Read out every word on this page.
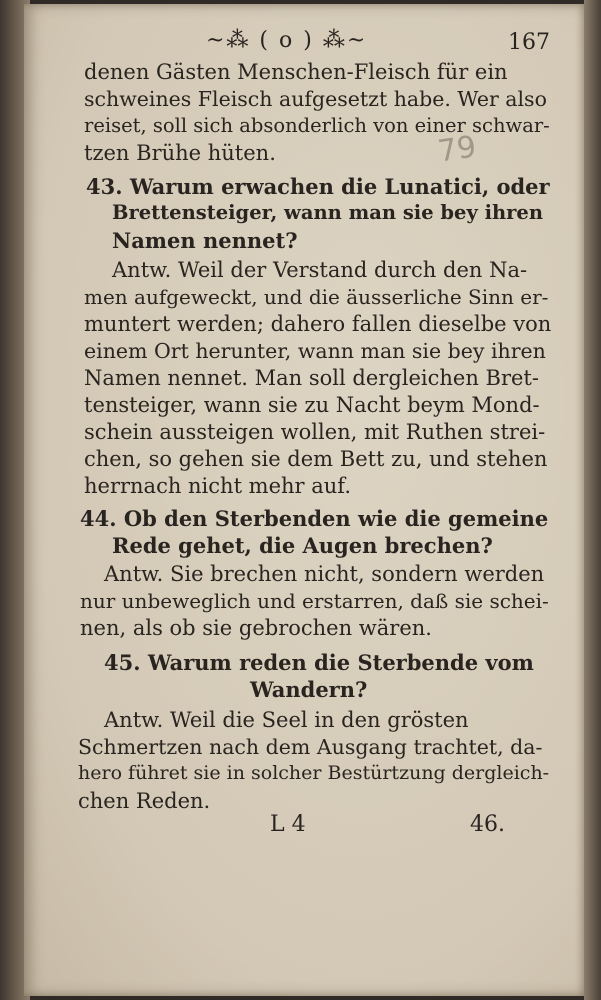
~⁂ ( o ) ⁂~	167
79
denen Gästen Menschen-Fleisch für ein
schweines Fleisch aufgesetzt habe. Wer also
reiset, soll sich absonderlich von einer schwar-
tzen Brühe hüten.
43. Warum erwachen die Lunatici, oder
Brettensteiger, wann man sie bey ihren
Namen nennet?
Antw. Weil der Verstand durch den Na-
men aufgeweckt, und die äusserliche Sinn er-
muntert werden; dahero fallen dieselbe von
einem Ort herunter, wann man sie bey ihren
Namen nennet. Man soll dergleichen Bret-
tensteiger, wann sie zu Nacht beym Mond-
schein aussteigen wollen, mit Ruthen strei-
chen, so gehen sie dem Bett zu, und stehen
herrnach nicht mehr auf.
44. Ob den Sterbenden wie die gemeine
Rede gehet, die Augen brechen?
Antw. Sie brechen nicht, sondern werden
nur unbeweglich und erstarren, daß sie schei-
nen, als ob sie gebrochen wären.
45. Warum reden die Sterbende vom
Wandern?
Antw. Weil die Seel in den grösten
Schmertzen nach dem Ausgang trachtet, da-
hero führet sie in solcher Bestürtzung dergleich-
chen Reden.
L 4	46.
